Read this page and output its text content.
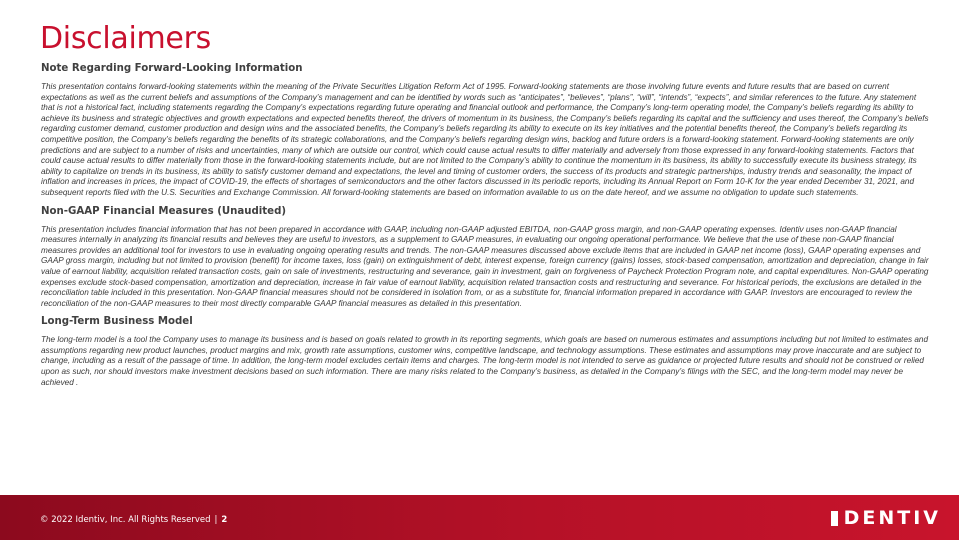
Disclaimers

Note Regarding Forward-Looking Information

This presentation contains forward-looking statements within the meaning of the Private Securities Litigation Reform Act of 1995. Forward-looking statements are those involving future events and future results that are based on current expectations as well as the current beliefs and assumptions of the Company’s management and can be identified by words such as “anticipates”, “believes”, “plans”, “will”, “intends”, “expects”, and similar references to the future. Any statement that is not a historical fact, including statements regarding the Company’s expectations regarding future operating and financial outlook and performance, the Company’s long-term operating model, the Company’s beliefs regarding its ability to achieve its business and strategic objectives and growth expectations and expected benefits thereof, the drivers of momentum in its business, the Company’s beliefs regarding its capital and the sufficiency and uses thereof, the Company’s beliefs regarding customer demand, customer production and design wins and the associated benefits, the Company’s beliefs regarding its ability to execute on its key initiatives and the potential benefits thereof, the Company’s beliefs regarding its competitive position, the Company’s beliefs regarding the benefits of its strategic collaborations, and the Company’s beliefs regarding design wins, backlog and future orders is a forward-looking statement. Forward-looking statements are only predictions and are subject to a number of risks and uncertainties, many of which are outside our control, which could cause actual results to differ materially and adversely from those expressed in any forward-looking statements. Factors that could cause actual results to differ materially from those in the forward-looking statements include, but are not limited to the Company’s ability to continue the momentum in its business, its ability to successfully execute its business strategy, its ability to capitalize on trends in its business, its ability to satisfy customer demand and expectations, the level and timing of customer orders, the success of its products and strategic partnerships, industry trends and seasonality, the impact of inflation and increases in prices, the impact of COVID-19, the effects of shortages of semiconductors and the other factors discussed in its periodic reports, including its Annual Report on Form 10-K for the year ended December 31, 2021, and subsequent reports filed with the U.S. Securities and Exchange Commission. All forward-looking statements are based on information available to us on the date hereof, and we assume no obligation to update such statements.

Non-GAAP Financial Measures (Unaudited)

This presentation includes financial information that has not been prepared in accordance with GAAP, including non-GAAP adjusted EBITDA, non-GAAP gross margin, and non-GAAP operating expenses. Identiv uses non-GAAP financial measures internally in analyzing its financial results and believes they are useful to investors, as a supplement to GAAP measures, in evaluating our ongoing operational performance. We believe that the use of these non-GAAP financial measures provides an additional tool for investors to use in evaluating ongoing operating results and trends. The non-GAAP measures discussed above exclude items that are included in GAAP net income (loss), GAAP operating expenses and GAAP gross margin, including but not limited to provision (benefit) for income taxes, loss (gain) on extinguishment of debt, interest expense, foreign currency (gains) losses, stock-based compensation, amortization and depreciation, change in fair value of earnout liability, acquisition related transaction costs, gain on sale of investments, restructuring and severance, gain in investment, gain on forgiveness of Paycheck Protection Program note, and capital expenditures. Non-GAAP operating expenses exclude stock-based compensation, amortization and depreciation, increase in fair value of earnout liability, acquisition related transaction costs and restructuring and severance. For historical periods, the exclusions are detailed in the reconciliation table included in this presentation. Non-GAAP financial measures should not be considered in isolation from, or as a substitute for, financial information prepared in accordance with GAAP. Investors are encouraged to review the reconciliation of the non-GAAP measures to their most directly comparable GAAP financial measures as detailed in this presentation.

Long-Term Business Model

The long-term model is a tool the Company uses to manage its business and is based on goals related to growth in its reporting segments, which goals are based on numerous estimates and assumptions including but not limited to estimates and assumptions regarding new product launches, product margins and mix, growth rate assumptions, customer wins, competitive landscape, and technology assumptions. These estimates and assumptions may prove inaccurate and are subject to change, including as a result of the passage of time. In addition, the long-term model excludes certain items and charges. The long-term model is not intended to serve as guidance or projected future results and should not be construed or relied upon as such, nor should investors make investment decisions based on such information. There are many risks related to the Company’s business, as detailed in the Company’s filings with the SEC, and the long-term model may never be achieved .

© 2022 Identiv, Inc. All Rights Reserved | 2	DENTIV
